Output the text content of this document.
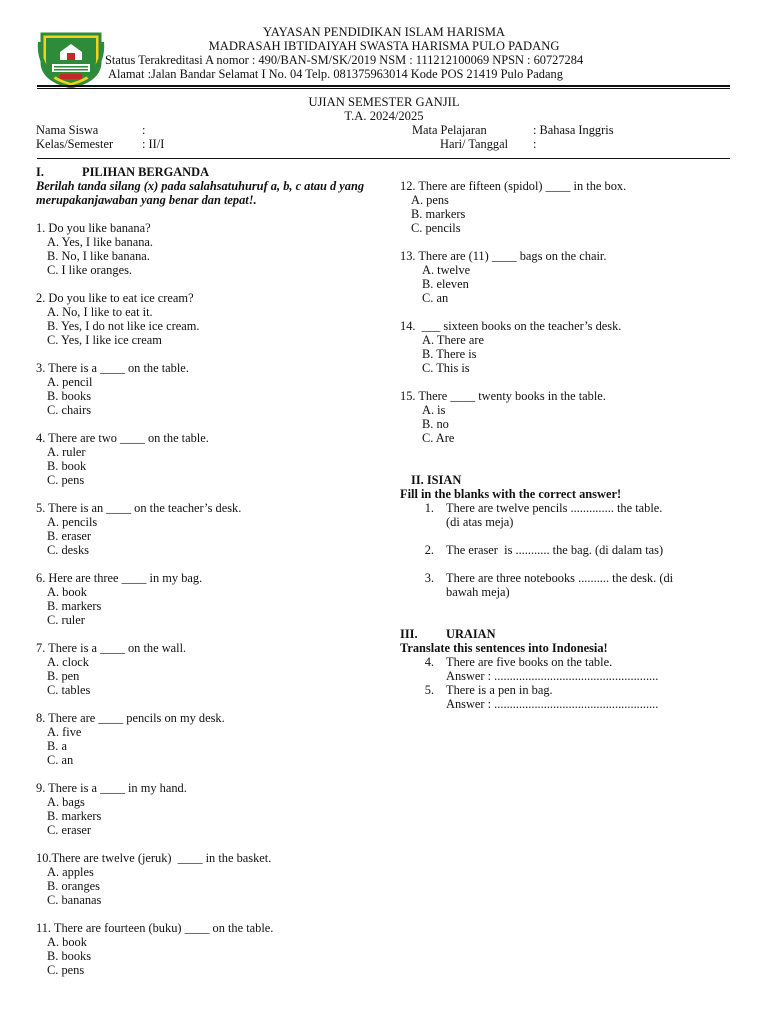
YAYASAN PENDIDIKAN ISLAM HARISMA
MADRASAH IBTIDAIYAH SWASTA HARISMA PULO PADANG
Status Terakreditasi A nomor : 490/BAN-SM/SK/2019 NSM : 111212100069 NPSN : 60727284
Alamat :Jalan Bandar Selamat I No. 04 Telp. 081375963014 Kode POS 21419 Pulo Padang
UJIAN SEMESTER GANJIL
T.A. 2024/2025
Nama Siswa	:
Kelas/Semester : II/I
Mata Pelajaran	: Bahasa Inggris
Hari/ Tanggal :
I.	PILIHAN BERGANDA
Berilah tanda silang (x) pada salahsatuhuruf a, b, c atau d yang merupakanjawaban yang benar dan tepat!.
1. Do you like banana?
A. Yes, I like banana.
B. No, I like banana.
C. I like oranges.
2. Do you like to eat ice cream?
A. No, I like to eat it.
B. Yes, I do not like ice cream.
C. Yes, I like ice cream
3. There is a ____ on the table.
A. pencil
B. books
C. chairs
4. There are two ____ on the table.
A. ruler
B. book
C. pens
5. There is an ____ on the teacher’s desk.
A. pencils
B. eraser
C. desks
6. Here are three ____ in my bag.
A. book
B. markers
C. ruler
7. There is a ____ on the wall.
A. clock
B. pen
C. tables
8. There are ____ pencils on my desk.
A. five
B. a
C. an
9. There is a ____ in my hand.
A. bags
B. markers
C. eraser
10.There are twelve (jeruk)  ____ in the basket.
A. apples
B. oranges
C. bananas
11. There are fourteen (buku) ____ on the table.
A. book
B. books
C. pens
12. There are fifteen (spidol) ____ in the box.
A. pens
B. markers
C. pencils
13. There are (11) ____ bags on the chair.
A. twelve
B. eleven
C. an
14.  ___ sixteen books on the teacher’s desk.
A. There are
B. There is
C. This is
15. There ____ twenty books in the table.
A. is
B. no
C. Are
II. ISIAN
Fill in the blanks with the correct answer!
1. There are twelve pencils .............. the table.
(di atas meja)
2. The eraser  is ........... the bag. (di dalam tas)
3. There are three notebooks .......... the desk. (di
bawah meja)
III.	URAIAN
Translate this sentences into Indonesia!
4. There are five books on the table.
Answer : .....................................................
5. There is a pen in bag.
Answer : .....................................................
